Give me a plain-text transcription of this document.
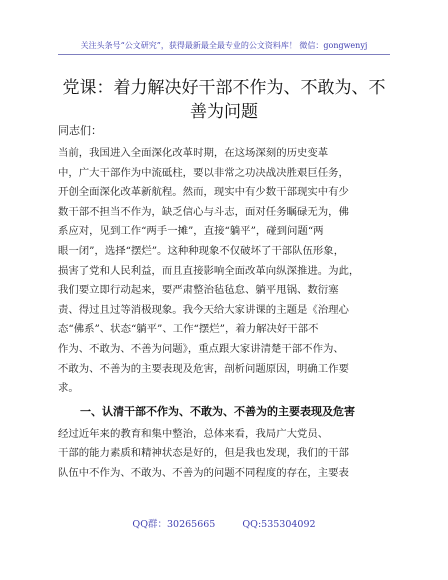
关注头条号“公文研究”，获得最新最全最专业的公文资料库！ 微信：gongwenyj
党课：着力解决好干部不作为、不敢为、不善为问题
同志们：
当前，我国进入全面深化改革时期，在这场深刻的历史变革
中，广大干部作为中流砥柱，要以非常之功决战决胜艰巨任务，
开创全面深化改革新航程。然而，现实中有少数干部现实中有少
数干部不担当不作为，缺乏信心与斗志，面对任务瞩碌无为，佛
系应对，见到工作“两手一摊”，直接“躺平”，碰到问题“两
眼一闭”，选择“摆烂”。这种种现象不仅破坏了干部队伍形象，
损害了党和人民利益，而且直接影响全面改革向纵深推进。为此，
我们要立即行动起来，要严肃整治毡毡怠、躺平甩锅、数衍塞
责、得过且过等消极现象。我今天给大家讲课的主题是《治理心
态“佛系”、状态“躺平”、工作“摆烂”，着力解决好干部不
作为、不敢为、不善为问题》，重点跟大家讲清楚干部不作为、
不敢为、不善为的主要表现及危害，剖析问题原因，明确工作要
求。
一、认清干部不作为、不敢为、不善为的主要表现及危害
经过近年来的教育和集中整治，总体来看，我局广大党员、
干部的能力素质和精神状态是好的，但是我也发现，我们的干部
队伍中不作为、不敢为、不善为的问题不同程度的存在，主要表
QQ群：30265665	QQ:535304092
